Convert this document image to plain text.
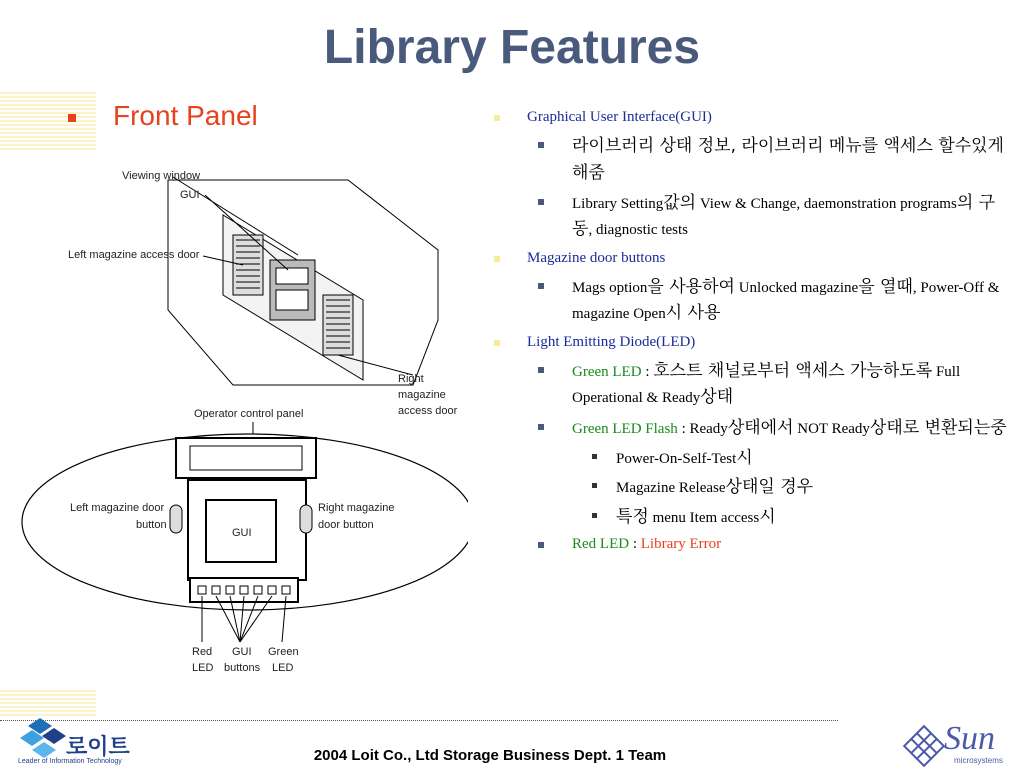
Library Features
Front Panel
Viewing window
GUI
Left magazine access door
Right
magazine
access door
Operator control panel
GUI
Left magazine door
button
Right magazine
door button
Red
LED
GUI
buttons
Green
LED
Graphical User Interface(GUI)
라이브러리 상태 정보, 라이브러리 메뉴를 액세스 할수있게 해줌
Library Setting값의 View & Change, daemonstration programs의 구동, diagnostic tests
Magazine door buttons
Mags option을 사용하여 Unlocked magazine을 열때, Power-Off & magazine Open시 사용
Light Emitting Diode(LED)
Green LED : 호스트 채널로부터 액세스 가능하도록 Full Operational & Ready상태
Green LED Flash : Ready상태에서 NOT Ready상태로 변환되는중
Power-On-Self-Test시
Magazine Release상태일 경우
특정 menu Item access시
Red LED : Library Error
로이트
Leader of Information Technology	2004 Loit Co., Ltd Storage Business Dept. 1 Team	Sun
microsystems
